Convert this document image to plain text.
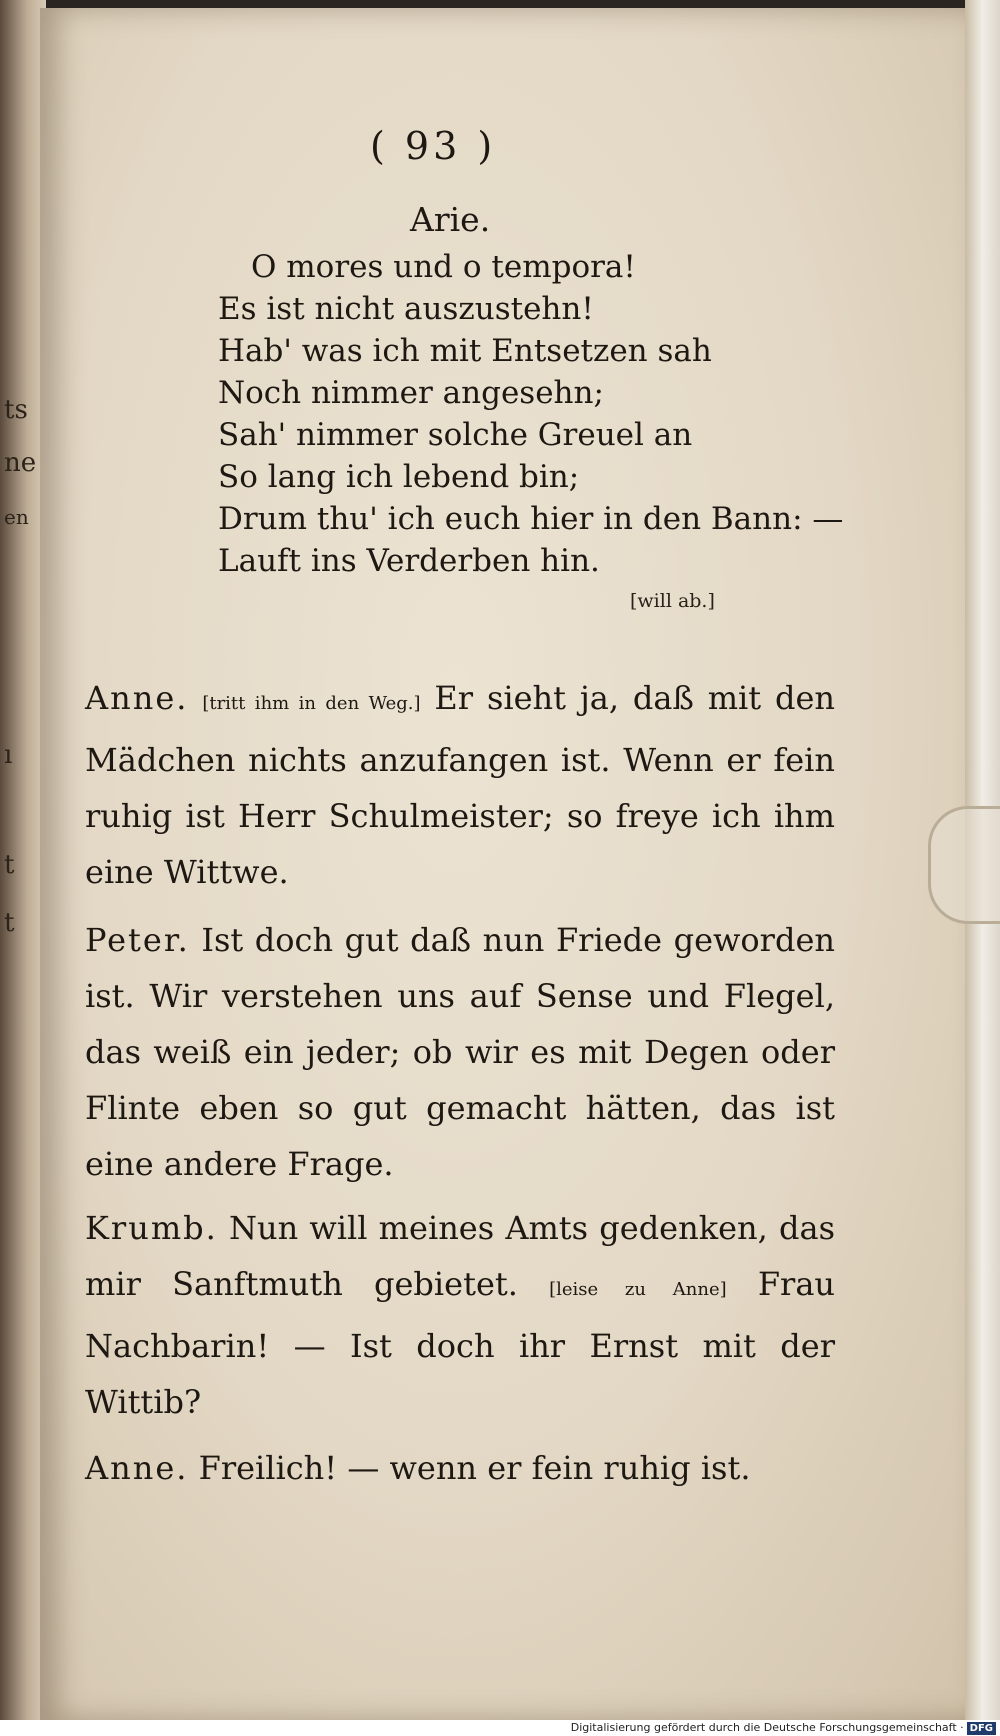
ts
ne
en
ı
t
t
( 93 )
Arie.
O mores und o tempora!
Es ist nicht auszustehn!
Hab' was ich mit Entsetzen sah
Noch nimmer angesehn;
Sah' nimmer solche Greuel an
So lang ich lebend bin;
Drum thu' ich euch hier in den Bann: —
Lauft ins Verderben hin.
[will ab.]
Anne. [tritt ihm in den Weg.] Er sieht ja, daß mit den Mädchen nichts anzufangen ist. Wenn er fein ruhig ist Herr Schulmeister; so freye ich ihm eine Wittwe.
Peter. Ist doch gut daß nun Friede geworden ist. Wir verstehen uns auf Sense und Flegel, das weiß ein jeder; ob wir es mit Degen oder Flinte eben so gut gemacht hätten, das ist eine andere Frage.
Krumb. Nun will meines Amts gedenken, das mir Sanftmuth gebietet. [leise zu Anne] Frau Nachbarin! — Ist doch ihr Ernst mit der Wittib?
Anne. Freilich! — wenn er fein ruhig ist.
Digitalisierung gefördert durch die Deutsche Forschungsgemeinschaft · DFG
